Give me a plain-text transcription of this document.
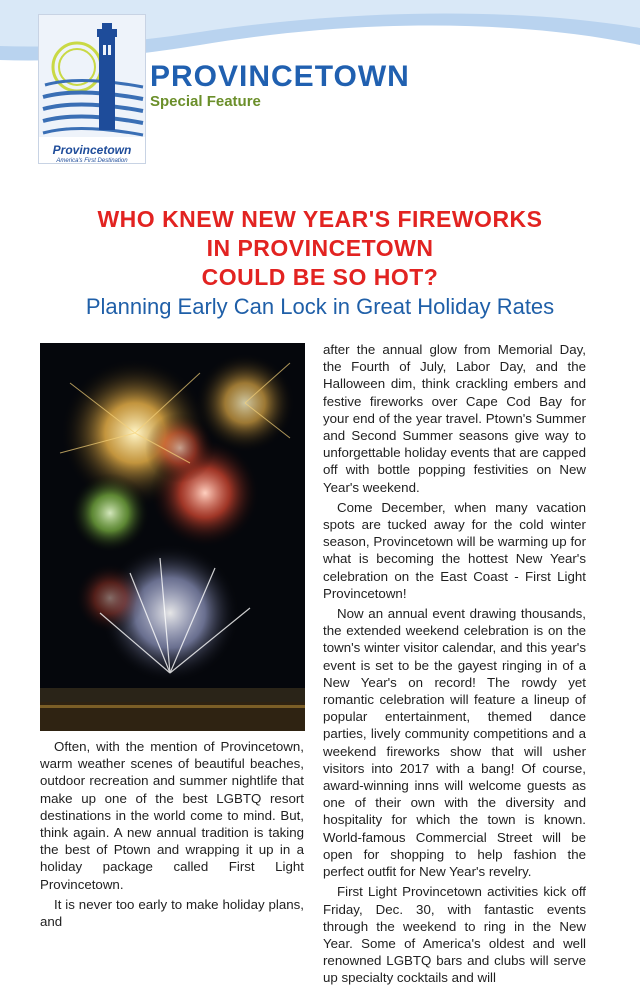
Provincetown
America's First Destination
PROVINCETOWN
Special Feature
WHO KNEW NEW YEAR'S FIREWORKS
IN PROVINCETOWN
COULD BE SO HOT?
Planning Early Can Lock in Great Holiday Rates

Often, with the mention of Provincetown, warm weather scenes of beautiful beaches, outdoor recreation and summer nightlife that make up one of the best LGBTQ resort destinations in the world come to mind. But, think again. A new annual tradition is taking the best of Ptown and wrapping it up in a holiday package called First Light Provincetown.

It is never too early to make holiday plans, and

after the annual glow from Memorial Day, the Fourth of July, Labor Day, and the Halloween dim, think crackling embers and festive fireworks over Cape Cod Bay for your end of the year travel. Ptown's Summer and Second Summer seasons give way to unforgettable holiday events that are capped off with bottle popping festivities on New Year's weekend.

Come December, when many vacation spots are tucked away for the cold winter season, Provincetown will be warming up for what is becoming the hottest New Year's celebration on the East Coast - First Light Provincetown!

Now an annual event drawing thousands, the extended weekend celebration is on the town's winter visitor calendar, and this year's event is set to be the gayest ringing in of a New Year's on record! The rowdy yet romantic celebration will feature a lineup of popular entertainment, themed dance parties, lively community competitions and a weekend fireworks show that will usher visitors into 2017 with a bang! Of course, award-winning inns will welcome guests as one of their own with the diversity and hospitality for which the town is known. World-famous Commercial Street will be open for shopping to help fashion the perfect outfit for New Year's revelry.

First Light Provincetown activities kick off Friday, Dec. 30, with fantastic events through the weekend to ring in the New Year. Some of America's oldest and well renowned LGBTQ bars and clubs will serve up specialty cocktails and will
